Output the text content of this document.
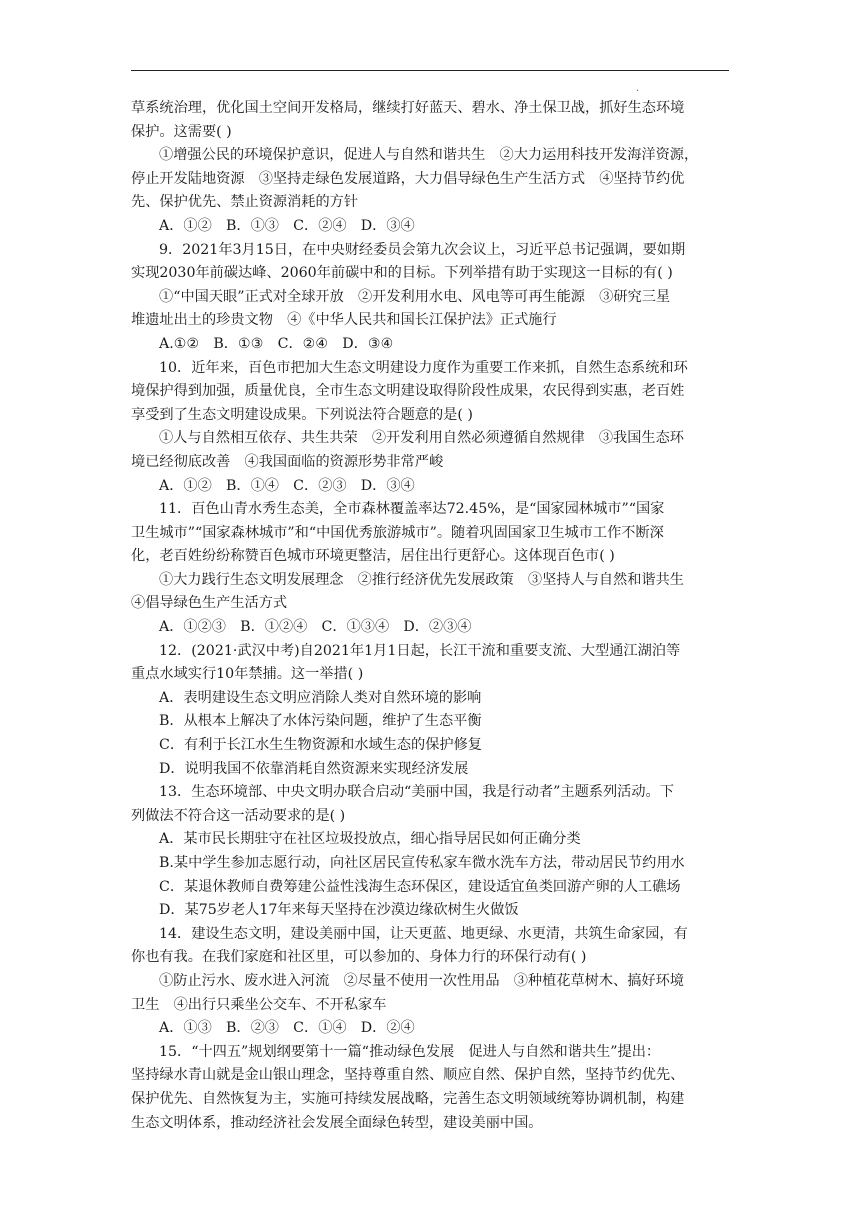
·

草系统治理，优化国土空间开发格局，继续打好蓝天、碧水、净土保卫战，抓好生态环境

保护。这需要( )

①增强公民的环境保护意识，促进人与自然和谐共生　②大力运用科技开发海洋资源，

停止开发陆地资源　③坚持走绿色发展道路，大力倡导绿色生产生活方式　④坚持节约优

先、保护优先、禁止资源消耗的方针

A．①②　B．①③　C．②④　D．③④

9．2021年3月15日，在中央财经委员会第九次会议上，习近平总书记强调，要如期

实现2030年前碳达峰、2060年前碳中和的目标。下列举措有助于实现这一目标的有( )

①“中国天眼”正式对全球开放　②开发利用水电、风电等可再生能源　③研究三星

堆遗址出土的珍贵文物　④《中华人民共和国长江保护法》正式施行

A.①②　B．①③　C．②④　D．③④

10．近年来，百色市把加大生态文明建设力度作为重要工作来抓，自然生态系统和环

境保护得到加强，质量优良，全市生态文明建设取得阶段性成果，农民得到实惠，老百姓

享受到了生态文明建设成果。下列说法符合题意的是( )

①人与自然相互依存、共生共荣　②开发利用自然必须遵循自然规律　③我国生态环

境已经彻底改善　④我国面临的资源形势非常严峻

A．①②　B．①④　C．②③　D．③④

11．百色山青水秀生态美，全市森林覆盖率达72.45%，是“国家园林城市”“国家

卫生城市”“国家森林城市”和“中国优秀旅游城市”。随着巩固国家卫生城市工作不断深

化，老百姓纷纷称赞百色城市环境更整洁，居住出行更舒心。这体现百色市( )

①大力践行生态文明发展理念　②推行经济优先发展政策　③坚持人与自然和谐共生

④倡导绿色生产生活方式

A．①②③　B．①②④　C．①③④　D．②③④

12．(2021·武汉中考)自2021年1月1日起，长江干流和重要支流、大型通江湖泊等

重点水域实行10年禁捕。这一举措( )

A．表明建设生态文明应消除人类对自然环境的影响

B．从根本上解决了水体污染问题，维护了生态平衡

C．有利于长江水生生物资源和水域生态的保护修复

D．说明我国不依靠消耗自然资源来实现经济发展

13．生态环境部、中央文明办联合启动“美丽中国，我是行动者”主题系列活动。下

列做法不符合这一活动要求的是( )

A．某市民长期驻守在社区垃圾投放点，细心指导居民如何正确分类

B.某中学生参加志愿行动，向社区居民宣传私家车微水洗车方法，带动居民节约用水

C．某退休教师自费筹建公益性浅海生态环保区，建设适宜鱼类回游产卵的人工礁场

D．某75岁老人17年来每天坚持在沙漠边缘砍树生火做饭

14．建设生态文明，建设美丽中国，让天更蓝、地更绿、水更清，共筑生命家园，有

你也有我。在我们家庭和社区里，可以参加的、身体力行的环保行动有( )

①防止污水、废水进入河流　②尽量不使用一次性用品　③种植花草树木、搞好环境

卫生　④出行只乘坐公交车、不开私家车

A．①③　B．②③　C．①④　D．②④

15．“十四五”规划纲要第十一篇“推动绿色发展　促进人与自然和谐共生”提出：

坚持绿水青山就是金山银山理念，坚持尊重自然、顺应自然、保护自然，坚持节约优先、

保护优先、自然恢复为主，实施可持续发展战略，完善生态文明领域统筹协调机制，构建

生态文明体系，推动经济社会发展全面绿色转型，建设美丽中国。
